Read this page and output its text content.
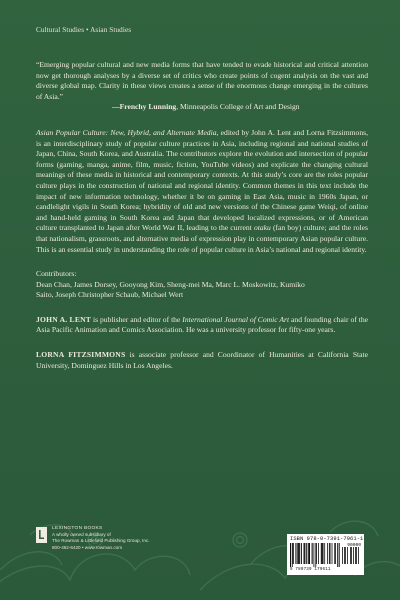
Cultural Studies • Asian Studies
“Emerging popular cultural and new media forms that have tended to evade historical and critical attention now get thorough analyses by a diverse set of critics who create points of cogent analysis on the vast and diverse global map. Clarity in these views creates a sense of the enormous change emerging in the cultures of Asia.”
—Frenchy Lunning, Minneapolis College of Art and Design
Asian Popular Culture: New, Hybrid, and Alternate Media, edited by John A. Lent and Lorna Fitzsimmons, is an interdisciplinary study of popular culture practices in Asia, including regional and national studies of Japan, China, South Korea, and Australia. The contributors explore the evolution and intersection of popular forms (gaming, manga, anime, film, music, fiction, YouTube videos) and explicate the changing cultural meanings of these media in historical and contemporary contexts. At this study’s core are the roles popular culture plays in the construction of national and regional identity. Common themes in this text include the impact of new information technology, whether it be on gaming in East Asia, music in 1960s Japan, or candlelight vigils in South Korea; hybridity of old and new versions of the Chinese game Weiqi, of online and hand-held gaming in South Korea and Japan that developed localized expressions, or of American culture transplanted to Japan after World War II, leading to the current otaku (fan boy) culture; and the roles that nationalism, grassroots, and alternative media of expression play in contemporary Asian popular culture. This is an essential study in understanding the role of popular culture in Asia’s national and regional identity.
Contributors:
Dean Chan, James Dorsey, Gooyong Kim, Sheng-mei Ma, Marc L. Moskowitz, Kumiko
Saito, Joseph Christopher Schaub, Michael Wert
JOHN A. LENT is publisher and editor of the International Journal of Comic Art and founding chair of the Asia Pacific Animation and Comics Association. He was a university professor for fifty-one years.
LORNA FITZSIMMONS is associate professor and Coordinator of Humanities at California State University, Dominguez Hills in Los Angeles.
LEXINGTON BOOKS
A wholly owned subsidiary of
The Rowman & Littlefield Publishing Group, Inc.
800-462-6420 • www.rowman.com
ISBN 978-0-7391-7961-1
90000
9 780739 179611
